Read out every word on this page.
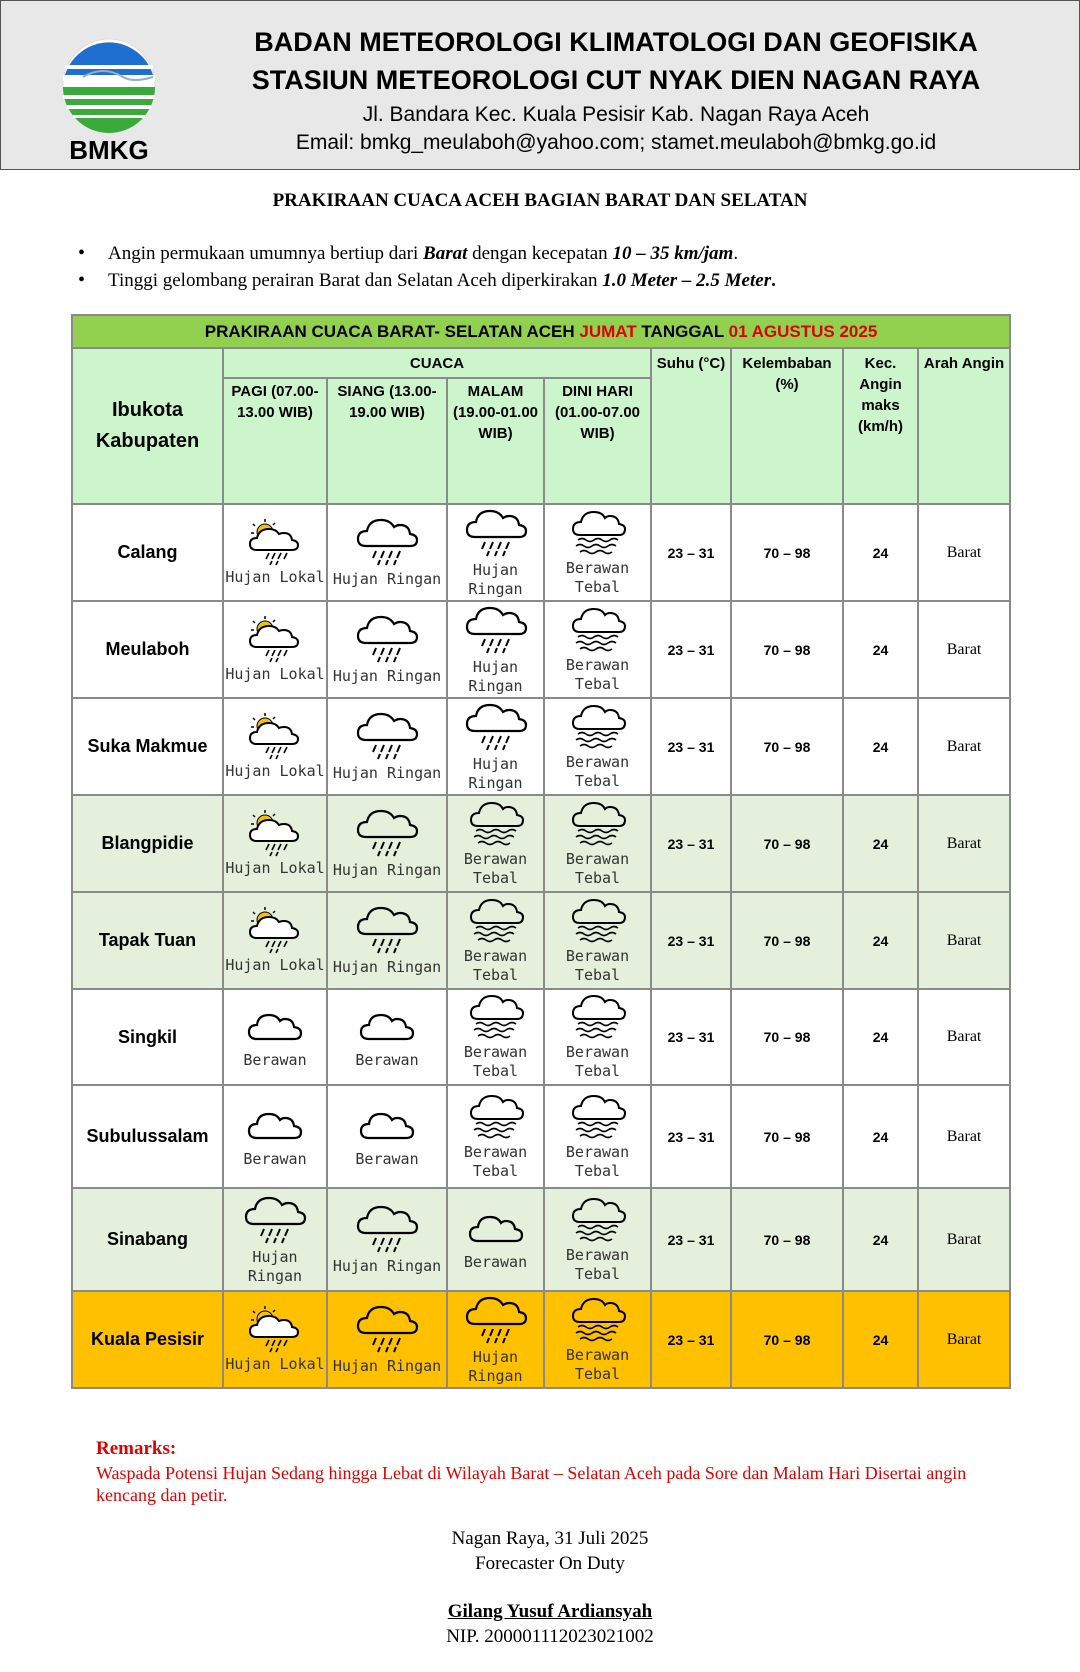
BMKG
BADAN METEOROLOGI KLIMATOLOGI DAN GEOFISIKA
STASIUN METEOROLOGI CUT NYAK DIEN NAGAN RAYA
Jl. Bandara Kec. Kuala Pesisir Kab. Nagan Raya Aceh
Email: bmkg_meulaboh@yahoo.com; stamet.meulaboh@bmkg.go.id
PRAKIRAAN CUACA ACEH BAGIAN BARAT DAN SELATAN
• Angin permukaan umumnya bertiup dari Barat dengan kecepatan 10 – 35 km/jam.
• Tinggi gelombang perairan Barat dan Selatan Aceh diperkirakan 1.0 Meter – 2.5 Meter.
PRAKIRAAN CUACA BARAT- SELATAN ACEH JUMAT TANGGAL 01 AGUSTUS 2025								
Ibukota Kabupaten	CUACA				Suhu (°C)	Kelembaban (%)	Kec. Angin maks (km/h)	Arah Angin
	PAGI (07.00-13.00 WIB)	SIANG (13.00-19.00 WIB)	MALAM (19.00-01.00 WIB)	DINI HARI (01.00-07.00 WIB)				
Calang	Hujan Lokal	Hujan Ringan	Hujan Ringan	Berawan Tebal	23 – 31	70 – 98	24	Barat
Meulaboh	Hujan Lokal	Hujan Ringan	Hujan Ringan	Berawan Tebal	23 – 31	70 – 98	24	Barat
Suka Makmue	Hujan Lokal	Hujan Ringan	Hujan Ringan	Berawan Tebal	23 – 31	70 – 98	24	Barat
Blangpidie	Hujan Lokal	Hujan Ringan	Berawan Tebal	Berawan Tebal	23 – 31	70 – 98	24	Barat
Tapak Tuan	Hujan Lokal	Hujan Ringan	Berawan Tebal	Berawan Tebal	23 – 31	70 – 98	24	Barat
Singkil	Berawan	Berawan	Berawan Tebal	Berawan Tebal	23 – 31	70 – 98	24	Barat
Subulussalam	Berawan	Berawan	Berawan Tebal	Berawan Tebal	23 – 31	70 – 98	24	Barat
Sinabang	Hujan Ringan	Hujan Ringan	Berawan	Berawan Tebal	23 – 31	70 – 98	24	Barat
Kuala Pesisir	Hujan Lokal	Hujan Ringan	Hujan Ringan	Berawan Tebal	23 – 31	70 – 98	24	Barat
Remarks:
Waspada Potensi Hujan Sedang hingga Lebat di Wilayah Barat – Selatan Aceh pada Sore dan Malam Hari Disertai angin kencang dan petir.
Nagan Raya, 31 Juli 2025
Forecaster On Duty
Gilang Yusuf Ardiansyah
NIP. 200001112023021002
